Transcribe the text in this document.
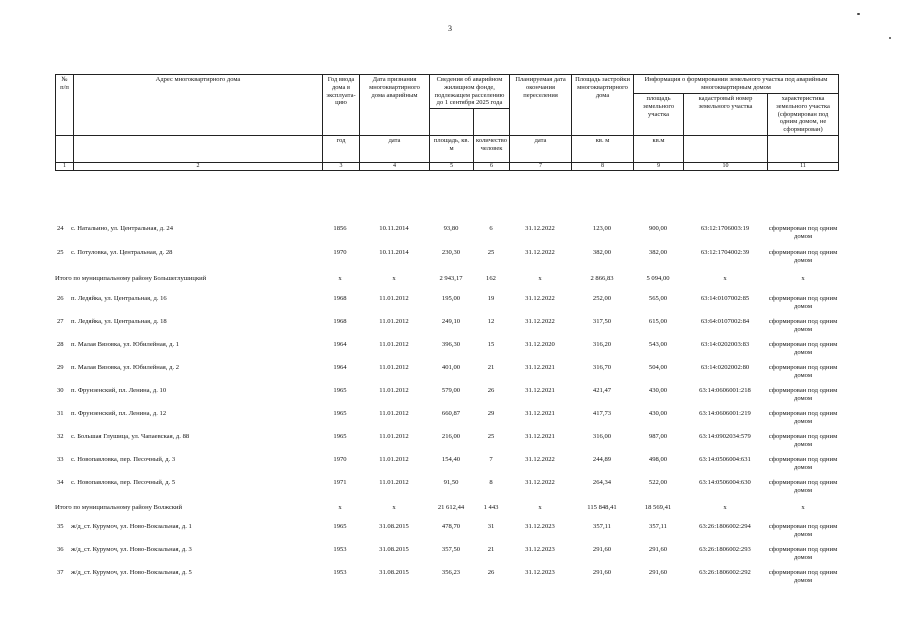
3
№ п/п	Адрес многоквартирного дома	Год ввода дома в эксплуата-цию	Дата признания многоквартирного дома аварийным	Сведения об аварийном жилищном фонде, подлежащем расселению до 1 сентября 2025 года		Планируемая дата окончания переселения	Площадь застройки многоквартирного дома	Информация о формировании земельного участка под аварийным многоквартирным домом		
								площадь земельного участка	кадастровый номер земельного участка	характеристика земельного участка (сформирован под одним домом, не сформирован)

		год	дата	площадь, кв. м	количество человек	дата	кв. м	кв.м		
1	2	3	4	5	6	7	8	9	10	11
24	с. Натальино, ул. Центральная, д. 24	1856	10.11.2014	93,80	6	31.12.2022	123,00	900,00	63:12:1706003:19	сформирован под одним домом
25	с. Потуловка, ул. Центральная, д. 28	1970	10.11.2014	230,30	25	31.12.2022	382,00	382,00	63:12:1704002:39	сформирован под одним домом
Итого по муниципальному району Большеглушицкий	x	x	2 943,17	162	x	2 866,83	5 094,00	x	x
26	п. Ледяйка, ул. Центральная, д. 16	1968	11.01.2012	195,00	19	31.12.2022	252,00	565,00	63:14:0107002:85	сформирован под одним домом
27	п. Ледяйка, ул. Центральная, д. 18	1968	11.01.2012	249,10	12	31.12.2022	317,50	615,00	63:64:0107002:84	сформирован под одним домом
28	п. Малая Вязовка, ул. Юбилейная, д. 1	1964	11.01.2012	396,30	15	31.12.2020	316,20	543,00	63:14:0202003:83	сформирован под одним домом
29	п. Малая Вязовка, ул. Юбилейная, д. 2	1964	11.01.2012	401,00	21	31.12.2021	316,70	504,00	63:14:0202002:80	сформирован под одним домом
30	п. Фрунзенский, пл. Ленина, д. 10	1965	11.01.2012	579,00	26	31.12.2021	421,47	430,00	63:14:0606001:218	сформирован под одним домом
31	п. Фрунзенский, пл. Ленина, д. 12	1965	11.01.2012	660,87	29	31.12.2021	417,73	430,00	63:14:0606001:219	сформирован под одним домом
32	с. Большая Глушица, ул. Чапаевская, д. 88	1965	11.01.2012	216,00	25	31.12.2021	316,00	987,00	63:14:0902034:579	сформирован под одним домом
33	с. Новопавловка, пер. Песочный, д. 3	1970	11.01.2012	154,40	7	31.12.2022	244,89	498,00	63:14:0506004:631	сформирован под одним домом
34	с. Новопавловка, пер. Песочный, д. 5	1971	11.01.2012	91,50	8	31.12.2022	264,34	522,00	63:14:0506004:630	сформирован под одним домом
Итого по муниципальному району Волжский	x	x	21 612,44	1 443	x	115 848,41	18 569,41	x	x
35	ж/д_ст. Курумоч, ул. Ново-Вокзальная, д. 1	1965	31.08.2015	478,70	31	31.12.2023	357,11	357,11	63:26:1806002:294	сформирован под одним домом
36	ж/д_ст. Курумоч, ул. Ново-Вокзальная, д. 3	1953	31.08.2015	357,50	21	31.12.2023	291,60	291,60	63:26:1806002:293	сформирован под одним домом
37	ж/д_ст. Курумоч, ул. Ново-Вокзальная, д. 5	1953	31.08.2015	356,23	26	31.12.2023	291,60	291,60	63:26:1806002:292	сформирован под одним домом
